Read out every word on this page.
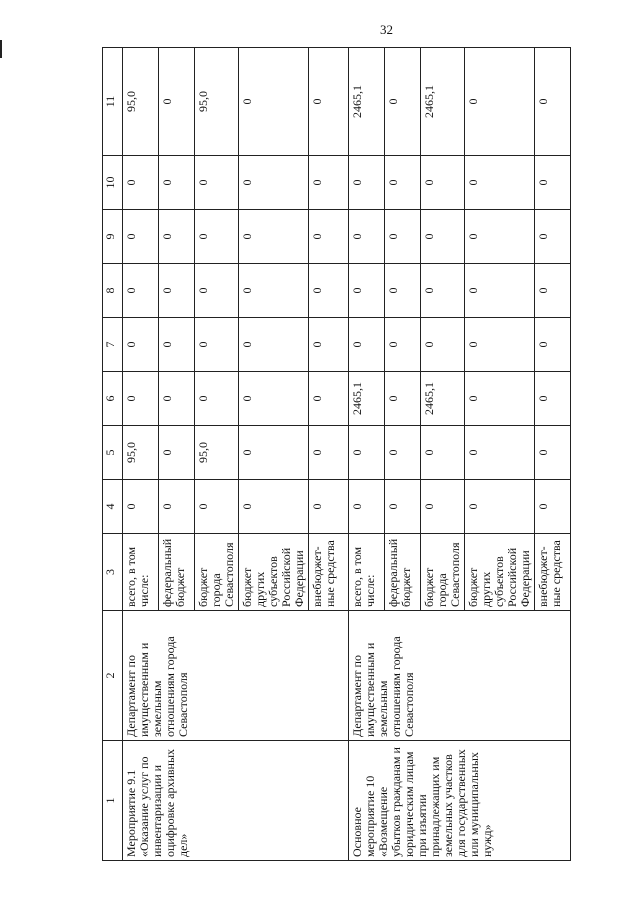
32
1	2	3	4	5	6	7	8	9	10	11
Мероприятие 9.1 «Оказание услуг по инвентаризации и оцифровке архивных дел»	Департамент по имущественным и земельным отношениям города Севастополя	всего, в том числе:	0	95,0	0	0	0	0	0	95,0
		федеральный бюджет	0	0	0	0	0	0	0	0
		бюджет города Севастополя	0	95,0	0	0	0	0	0	95,0
		бюджет других субъектов Российской Федерации	0	0	0	0	0	0	0	0
		внебюджет-ные средства	0	0	0	0	0	0	0	0
Основное мероприятие 10 «Возмещение убытков гражданам и юридическим лицам при изъятии принадлежащих им земельных участков для государственных или муниципальных нужд»	Департамент по имущественным и земельным отношениям города Севастополя	всего, в том числе:	0	0	2465,1	0	0	0	0	2465,1
		федеральный бюджет	0	0	0	0	0	0	0	0
		бюджет города Севастополя	0	0	2465,1	0	0	0	0	2465,1
		бюджет других субъектов Российской Федерации	0	0	0	0	0	0	0	0
		внебюджет-ные средства	0	0	0	0	0	0	0	0
